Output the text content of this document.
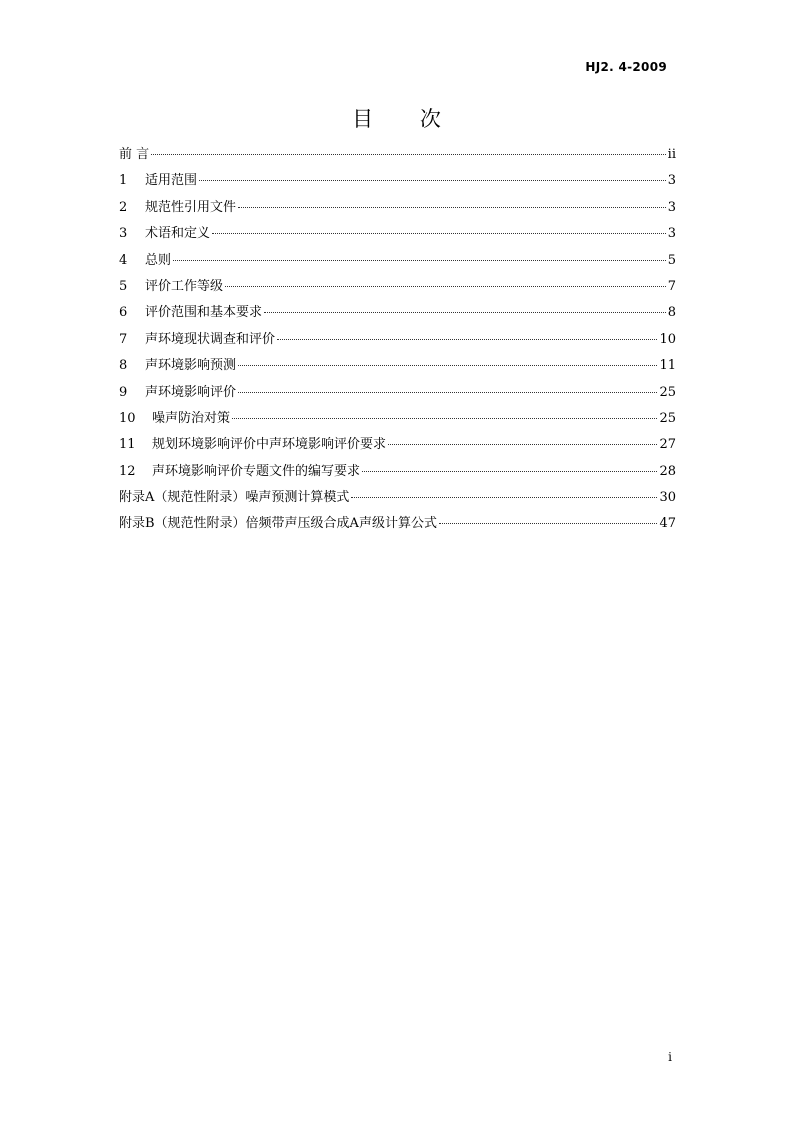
HJ2. 4-2009
目 次
前 言	ii
1	适用范围	3
2	规范性引用文件	3
3	术语和定义	3
4	总则	5
5	评价工作等级	7
6	评价范围和基本要求	8
7	声环境现状调查和评价	10
8	声环境影响预测	11
9	声环境影响评价	25
10	噪声防治对策	25
11	规划环境影响评价中声环境影响评价要求	27
12	声环境影响评价专题文件的编写要求	28
附录A（规范性附录）噪声预测计算模式	30
附录B（规范性附录）倍频带声压级合成A声级计算公式	47
i
